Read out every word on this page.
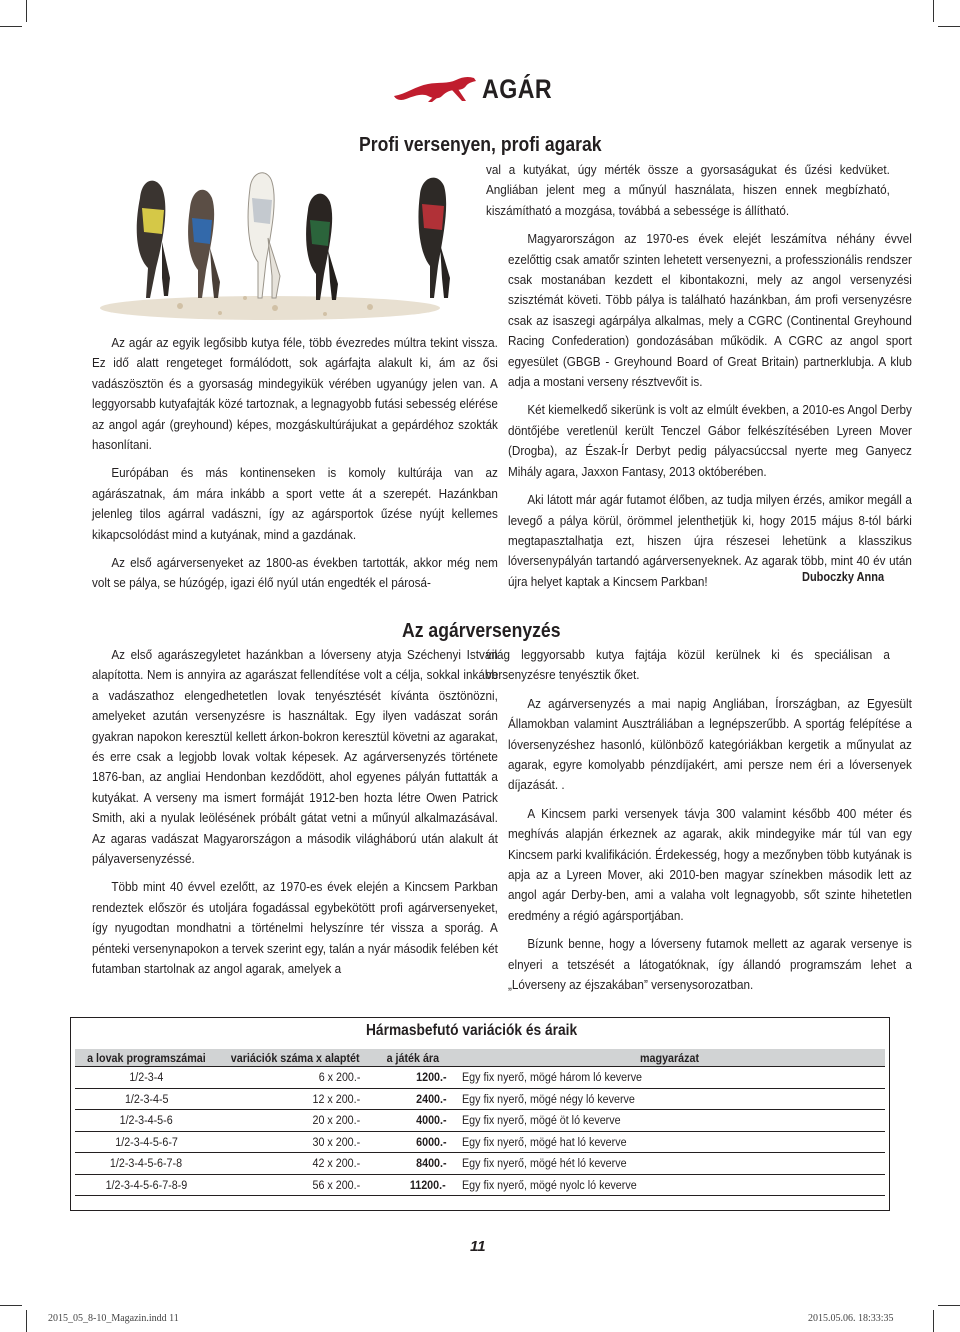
AGÁR
Profi versenyen, profi agarak

Az agár az egyik legősibb kutya féle, több évezredes múltra tekint vissza. Ez idő alatt rengeteget formálódott, sok agárfajta alakult ki, ám az ősi vadászösztön és a gyorsaság mindegyikük vérében ugyanúgy jelen van. A leggyorsabb kutyafajták közé tartoznak, a legnagyobb futási sebesség elérése az angol agár (greyhound) képes, mozgáskultúrájukat a gepárdéhoz szokták hasonlítani.

Európában és más kontinenseken is komoly kultúrája van az agárászatnak, ám mára inkább a sport vette át a szerepét. Hazánkban jelenleg tilos agárral vadászni, így az agársportok űzése nyújt kellemes kikapcsolódást mind a kutyának, mind a gazdának.

Az első agárversenyeket az 1800-as években tartották, akkor még nem volt se pálya, se húzógép, igazi élő nyúl után engedték el párosá-

val a kutyákat, úgy mérték össze a gyorsaságukat és űzési kedvüket. Angliában jelent meg a műnyúl használata, hiszen ennek megbízható, kiszámítható a mozgása, továbbá a sebessége is állítható.

Magyarországon az 1970-es évek elejét leszámítva néhány évvel ezelőttig csak amatőr szinten lehetett versenyezni, a professzionális rendszer csak mostanában kezdett el kibontakozni, mely az angol versenyzési szisztémát követi. Több pálya is található hazánkban, ám profi versenyzésre csak az isaszegi agárpálya alkalmas, mely a CGRC (Continental Greyhound Racing Confederation) gondozásában működik. A CGRC az angol sport egyesület (GBGB - Greyhound Board of Great Britain) partnerklubja. A klub adja a mostani verseny résztvevőit is.

Két kiemelkedő sikerünk is volt az elmúlt években, a 2010-es Angol Derby döntőjébe veretlenül került Tenczel Gábor felkészítésében Lyreen Mover (Drogba), az Észak-Ír Derbyt pedig pályacsúccsal nyerte meg Ganyecz Mihály agara, Jaxxon Fantasy, 2013 októberében.

Aki látott már agár futamot élőben, az tudja milyen érzés, amikor megáll a levegő a pálya körül, örömmel jelenthetjük ki, hogy 2015 május 8-tól bárki megtapasztalhatja ezt, hiszen újra részesei lehetünk a klasszikus lóversenypályán tartandó agárversenyeknek. Az agarak több, mint 40 év után újra helyet kaptak a Kincsem Parkban!	Duboczky Anna
Az agárversenyzés

Az első agarászegyletet hazánkban a lóverseny atyja Széchenyi István alapította. Nem is annyira az agarászat fellendítése volt a célja, sokkal inkább a vadászathoz elengedhetetlen lovak tenyésztését kívánta ösztönözni, amelyeket azután versenyzésre is használtak. Egy ilyen vadászat során gyakran napokon keresztül kellett árkon-bokron keresztül követni az agarakat, és erre csak a legjobb lovak voltak képesek. Az agárversenyzés története 1876-ban, az angliai Hendonban kezdődött, ahol egyenes pályán futtatták a kutyákat. A verseny ma ismert formáját 1912-ben hozta létre Owen Patrick Smith, aki a nyulak leölésének próbált gátat vetni a műnyúl alkalmazásával. Az agaras vadászat Magyarországon a második világháború után alakult át pályaversenyzéssé.

Több mint 40 évvel ezelőtt, az 1970-es évek elején a Kincsem Parkban rendeztek először és utoljára fogadással egybekötött profi agárversenyeket, így nyugodtan mondhatni a történelmi helyszínre tér vissza a sporág. A pénteki versenynapokon a tervek szerint egy, talán a nyár második felében két futamban startolnak az angol agarak, amelyek a

világ leggyorsabb kutya fajtája közül kerülnek ki és speciálisan a versenyzésre tenyésztik őket.

Az agárversenyzés a mai napig Angliában, Írországban, az Egyesült Államokban valamint Ausztráliában a legnépszerűbb. A sportág felépítése a lóversenyzéshez hasonló, különböző kategóriákban kergetik a műnyulat az agarak, egyre komolyabb pénzdíjakért, ami persze nem éri a lóversenyek díjazását. .

A Kincsem parki versenyek távja 300 valamint később 400 méter és meghívás alapján érkeznek az agarak, akik mindegyike már túl van egy Kincsem parki kvalifikáción. Érdekesség, hogy a mezőnyben több kutyának is apja az a Lyreen Mover, aki 2010-ben magyar színekben második lett az angol agár Derby-ben, ami a valaha volt legnagyobb, sőt szinte hihetetlen eredmény a régió agársportjában.

Bízunk benne, hogy a lóverseny futamok mellett az agarak versenye is elnyeri a tetszését a látogatóknak, így állandó programszám lehet a „Lóverseny az éjszakában” versenysorozatban.

Hármasbefutó variációk és áraik
a lovak programszámai	variációk száma x alaptét	a játék ára	magyarázat
1/2-3-4	6 x 200.-	1200.-	Egy fix nyerő, mögé három ló keverve
1/2-3-4-5	12 x 200.-	2400.-	Egy fix nyerő, mögé négy ló keverve
1/2-3-4-5-6	20 x 200.-	4000.-	Egy fix nyerő, mögé öt ló keverve
1/2-3-4-5-6-7	30 x 200.-	6000.-	Egy fix nyerő, mögé hat ló keverve
1/2-3-4-5-6-7-8	42 x 200.-	8400.-	Egy fix nyerő, mögé hét ló keverve
1/2-3-4-5-6-7-8-9	56 x 200.-	11200.-	Egy fix nyerő, mögé nyolc ló keverve
11
2015_05_8-10_Magazin.indd 11	2015.05.06. 18:33:35
